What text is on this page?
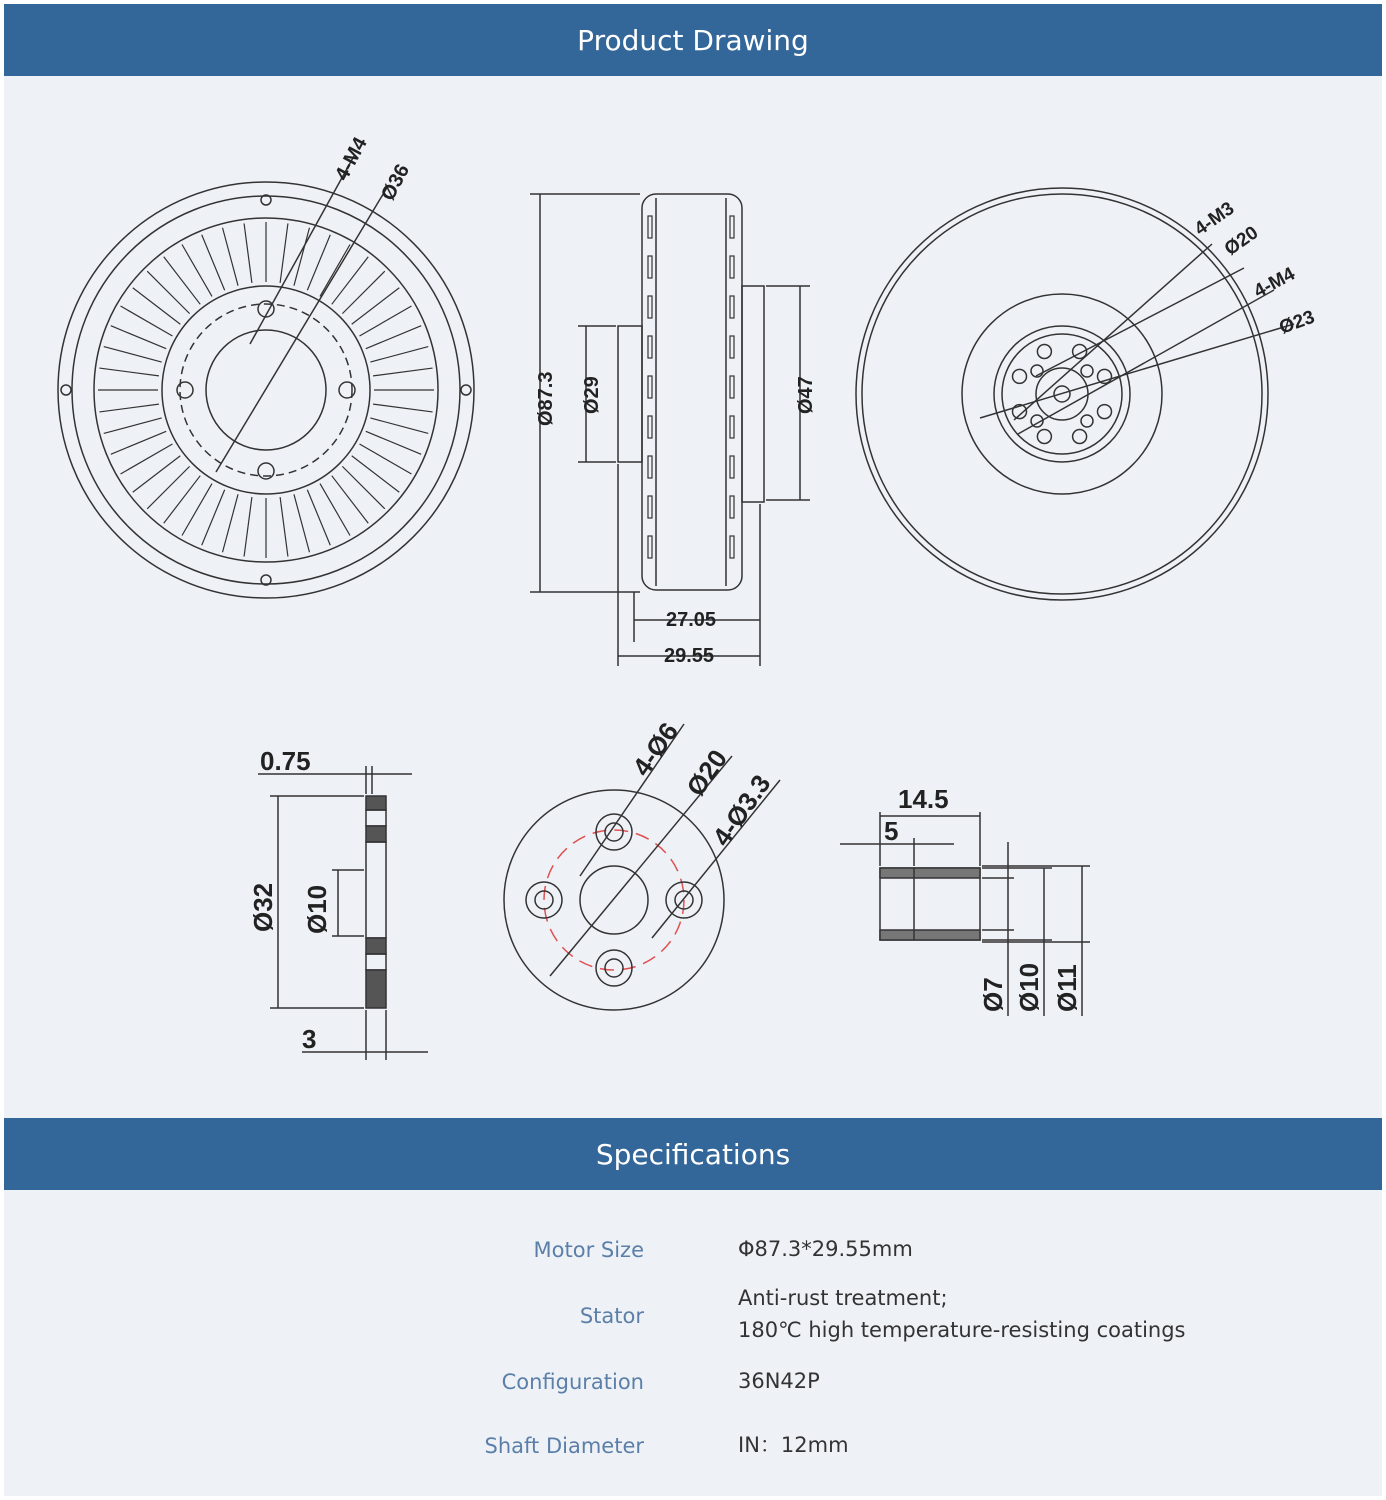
Product Drawing
4-M4 Ø36
Ø87.3 Ø29	Ø47
27.05
29.55
4-M3
Ø20
4-M4
Ø23
0.75
Ø32 Ø10
3
4-Ø6
Ø20
4-Ø3.3	14.5
5
Ø7 Ø10 Ø11
Specifications
Motor Size	Φ87.3*29.55mm
Stator
Anti-rust treatment;
180℃ high temperature-resisting coatings
Configuration	36N42P
Shaft Diameter	IN：12mm
